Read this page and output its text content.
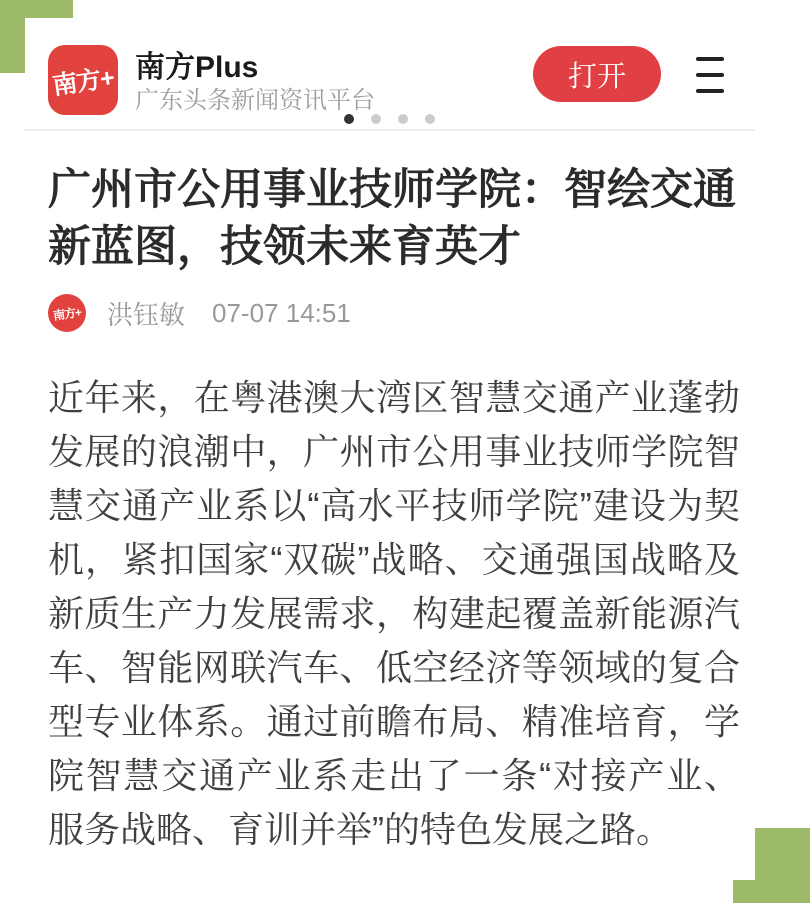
南方+ 南方Plus
广东头条新闻资讯平台
打开
广州市公用事业技师学院：智绘交通新蓝图，技领未来育英才
南方+ 洪钰敏 07-07 14:51

近年来，在粤港澳大湾区智慧交通产业蓬勃发展的浪潮中，广州市公用事业技师学院智慧交通产业系以“高水平技师学院”建设为契机，紧扣国家“双碳”战略、交通强国战略及新质生产力发展需求，构建起覆盖新能源汽车、智能网联汽车、低空经济等领域的复合型专业体系。通过前瞻布局、精准培育，学院智慧交通产业系走出了一条“对接产业、服务战略、育训并举”的特色发展之路。
